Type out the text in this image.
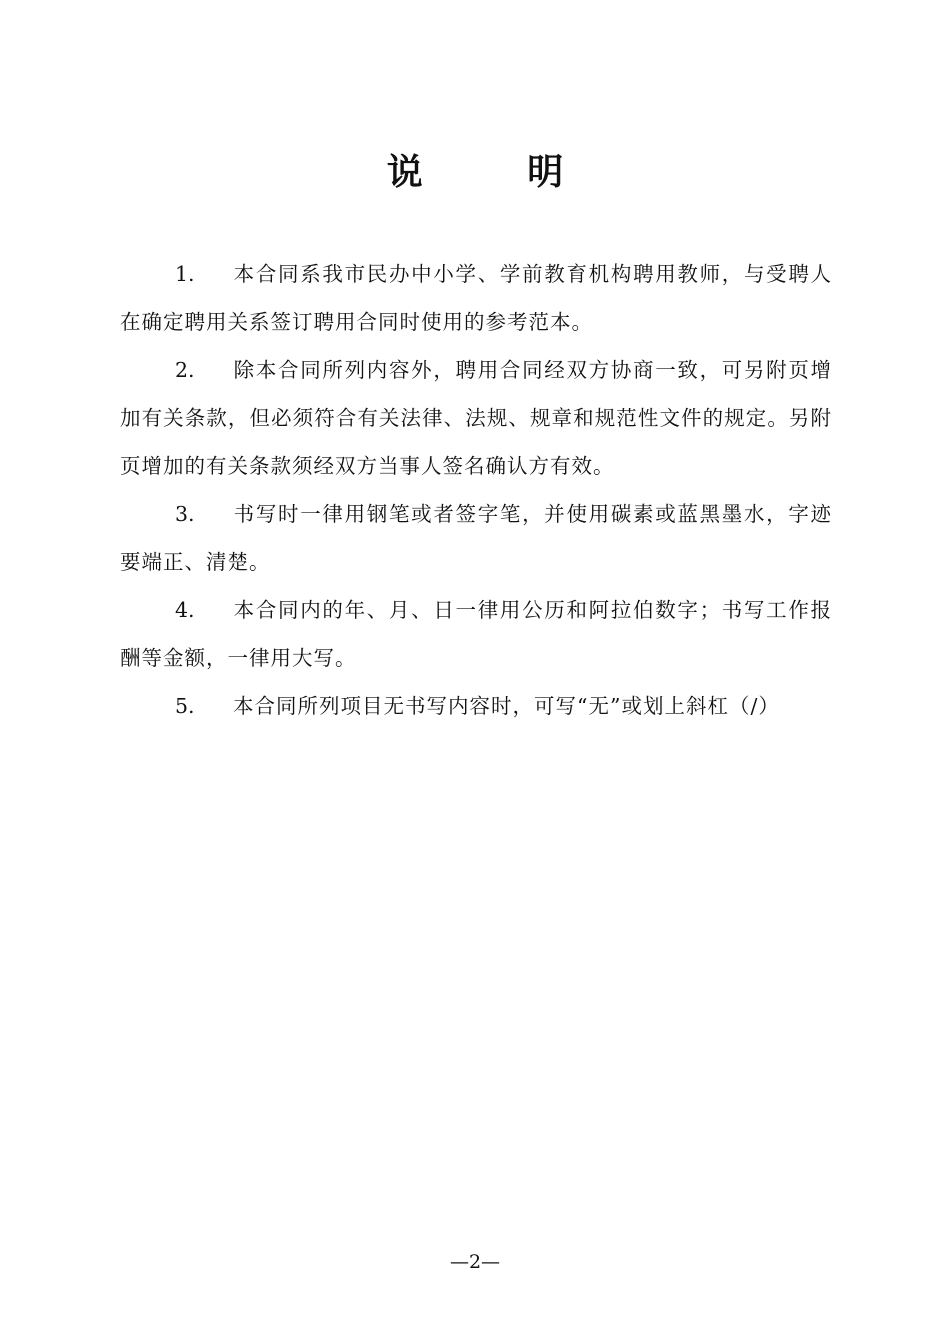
说 明

1. 本合同系我市民办中小学、学前教育机构聘用教师，与受聘人在确定聘用关系签订聘用合同时使用的参考范本。

2. 除本合同所列内容外，聘用合同经双方协商一致，可另附页增加有关条款，但必须符合有关法律、法规、规章和规范性文件的规定。另附页增加的有关条款须经双方当事人签名确认方有效。

3. 书写时一律用钢笔或者签字笔，并使用碳素或蓝黑墨水，字迹要端正、清楚。

4. 本合同内的年、月、日一律用公历和阿拉伯数字；书写工作报酬等金额，一律用大写。

5. 本合同所列项目无书写内容时，可写“无”或划上斜杠（/）

—2—
